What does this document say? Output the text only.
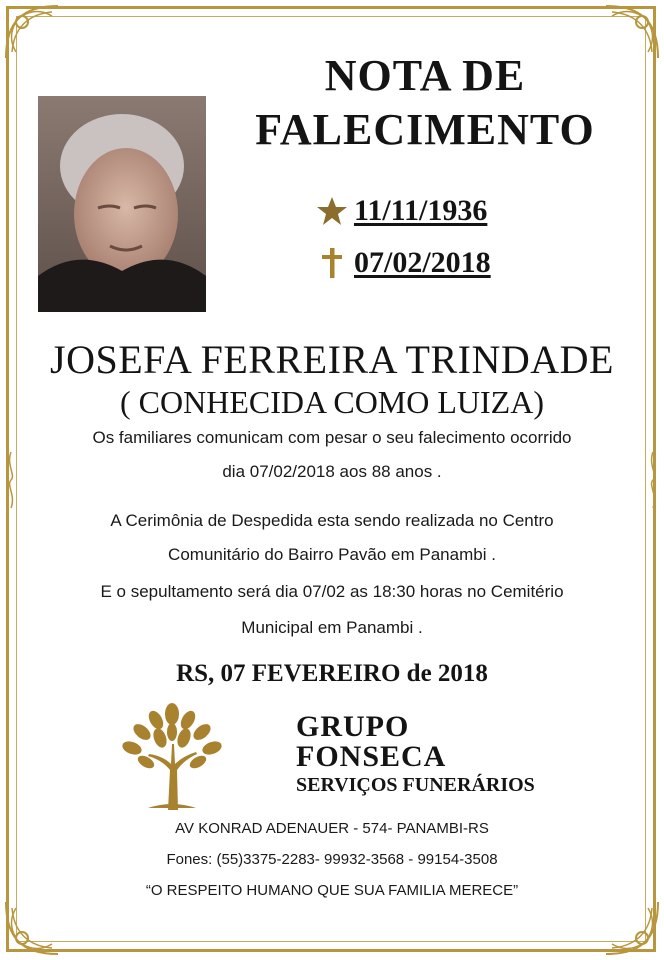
NOTA DE
FALECIMENTO
11/11/1936
07/02/2018
JOSEFA FERREIRA TRINDADE
( CONHECIDA COMO LUIZA)
Os familiares comunicam com pesar o seu falecimento ocorrido
dia 07/02/2018 aos 88 anos .
A Cerimônia de Despedida esta sendo realizada no Centro
Comunitário do Bairro Pavão em Panambi .
E o sepultamento será dia 07/02 as 18:30 horas no Cemitério
Municipal em Panambi .
RS, 07 FEVEREIRO de 2018
GRUPO
FONSECA
SERVIÇOS FUNERÁRIOS
AV KONRAD ADENAUER - 574- PANAMBI-RS
Fones: (55)3375-2283- 99932-3568 - 99154-3508
“O RESPEITO HUMANO QUE SUA FAMILIA MERECE”
